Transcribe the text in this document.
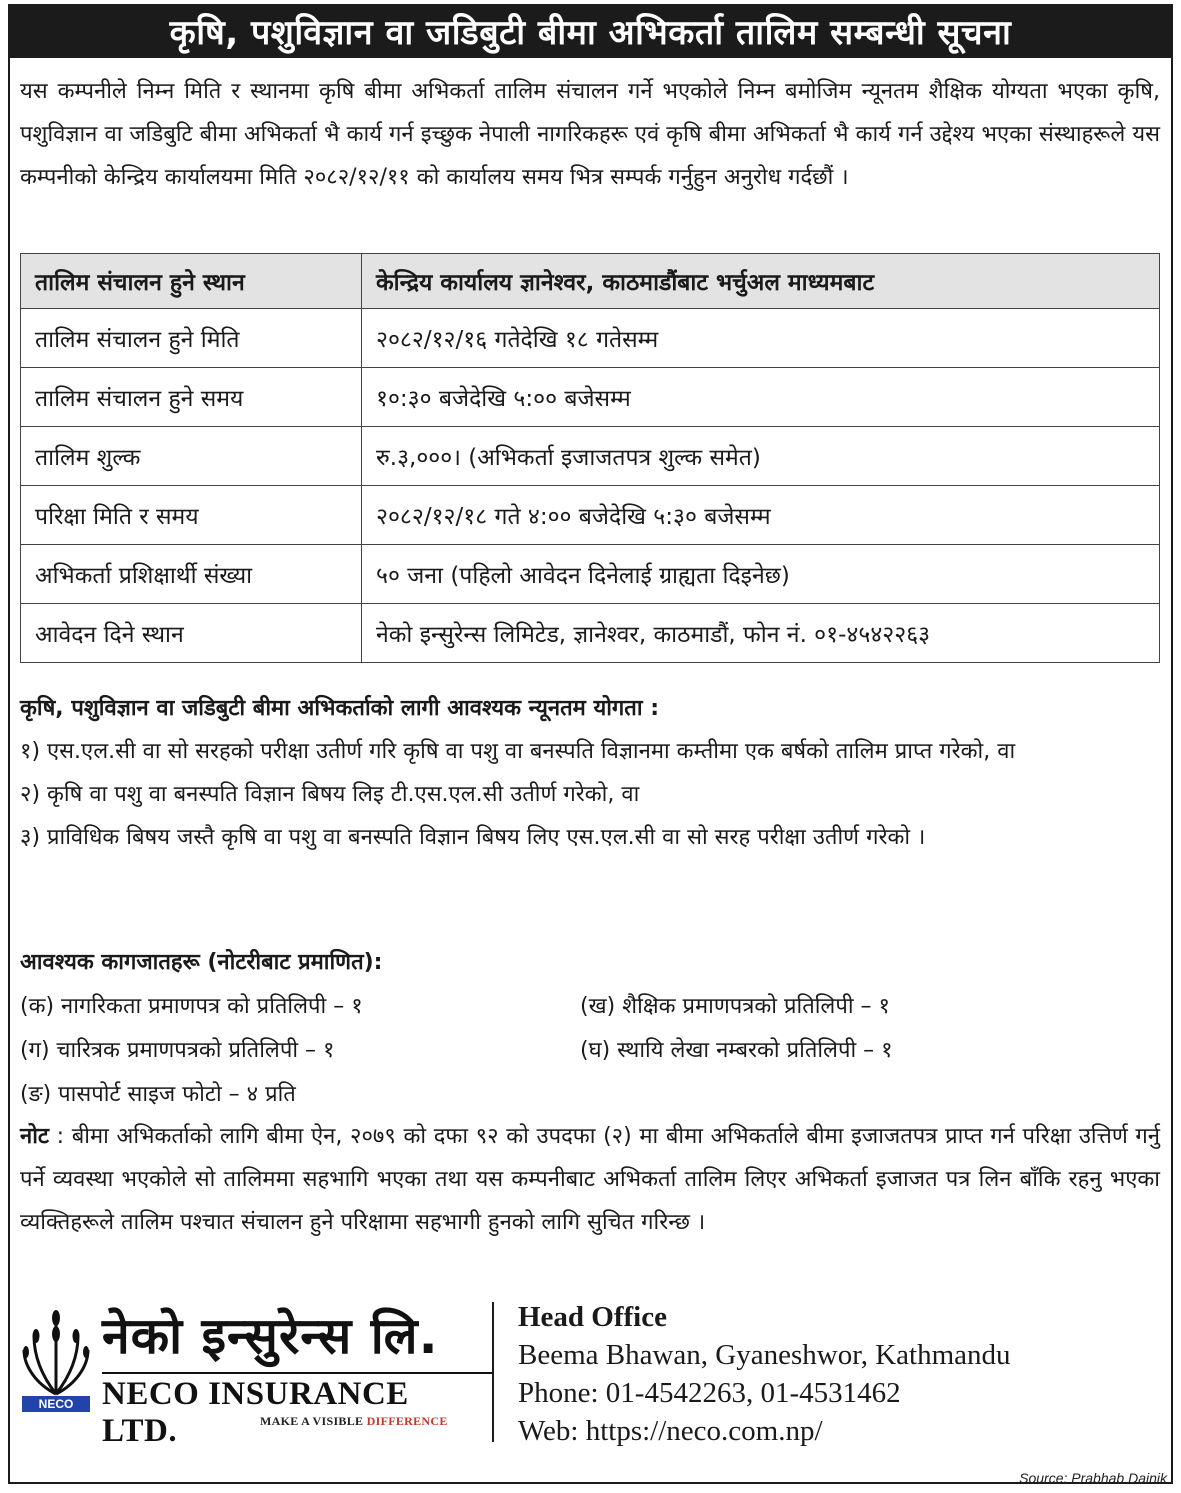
कृषि, पशुविज्ञान वा जडिबुटी बीमा अभिकर्ता तालिम सम्बन्धी सूचना
यस कम्पनीले निम्न मिति र स्थानमा कृषि बीमा अभिकर्ता तालिम संचालन गर्ने भएकोले निम्न बमोजिम न्यूनतम शैक्षिक योग्यता भएका कृषि, पशुविज्ञान वा जडिबुटि बीमा अभिकर्ता भै कार्य गर्न इच्छुक नेपाली नागरिकहरू एवं कृषि बीमा अभिकर्ता भै कार्य गर्न उद्देश्य भएका संस्थाहरूले यस कम्पनीको केन्द्रिय कार्यालयमा मिति २०८२/१२/११ को कार्यालय समय भित्र सम्पर्क गर्नुहुन अनुरोध गर्दछौं ।
तालिम संचालन हुने स्थान	केन्द्रिय कार्यालय ज्ञानेश्वर, काठमाडौंबाट भर्चुअल माध्यमबाट
तालिम संचालन हुने मिति	२०८२/१२/१६ गतेदेखि १८ गतेसम्म
तालिम संचालन हुने समय	१०:३० बजेदेखि ५:०० बजेसम्म
तालिम शुल्क	रु.३,०००। (अभिकर्ता इजाजतपत्र शुल्क समेत)
परिक्षा मिति र समय	२०८२/१२/१८ गते ४:०० बजेदेखि ५:३० बजेसम्म
अभिकर्ता प्रशिक्षार्थी संख्या	५० जना (पहिलो आवेदन दिनेलाई ग्राह्यता दिइनेछ)
आवेदन दिने स्थान	नेको इन्सुरेन्स लिमिटेड, ज्ञानेश्वर, काठमाडौं, फोन नं. ०१-४५४२२६३
कृषि, पशुविज्ञान वा जडिबुटी बीमा अभिकर्ताको लागी आवश्यक न्यूनतम योगता :

१) एस.एल.सी वा सो सरहको परीक्षा उतीर्ण गरि कृषि वा पशु वा बनस्पति विज्ञानमा कम्तीमा एक बर्षको तालिम प्राप्त गरेको, वा

२) कृषि वा पशु वा बनस्पति विज्ञान बिषय लिइ टी.एस.एल.सी उतीर्ण गरेको, वा

३) प्राविधिक बिषय जस्तै कृषि वा पशु वा बनस्पति विज्ञान बिषय लिए एस.एल.सी वा सो सरह परीक्षा उतीर्ण गरेको ।

आवश्यक कागजातहरू (नोटरीबाट प्रमाणित):
(क) नागरिकता प्रमाणपत्र को प्रतिलिपी – १	(ख) शैक्षिक प्रमाणपत्रको प्रतिलिपी – १
(ग) चारित्रक प्रमाणपत्रको प्रतिलिपी – १	(घ) स्थायि लेखा नम्बरको प्रतिलिपी – १
(ङ) पासपोर्ट साइज फोटो – ४ प्रति
नोट : बीमा अभिकर्ताको लागि बीमा ऐन, २०७९ को दफा ९२ को उपदफा (२) मा बीमा अभिकर्ताले बीमा इजाजतपत्र प्राप्त गर्न परिक्षा उत्तिर्ण गर्नु पर्ने व्यवस्था भएकोले सो तालिममा सहभागि भएका तथा यस कम्पनीबाट अभिकर्ता तालिम लिएर अभिकर्ता इजाजत पत्र लिन बाँकि रहनु भएका व्यक्तिहरूले तालिम पश्चात संचालन हुने परिक्षामा सहभागी हुनको लागि सुचित गरिन्छ ।
NECO
नेको इन्सुरेन्स लि.
NECO INSURANCE LTD.	MAKE A VISIBLE DIFFERENCE
Head Office
Beema Bhawan, Gyaneshwor, Kathmandu
Phone: 01-4542263, 01-4531462
Web: https://neco.com.np/
Source: Prabhab Dainik
